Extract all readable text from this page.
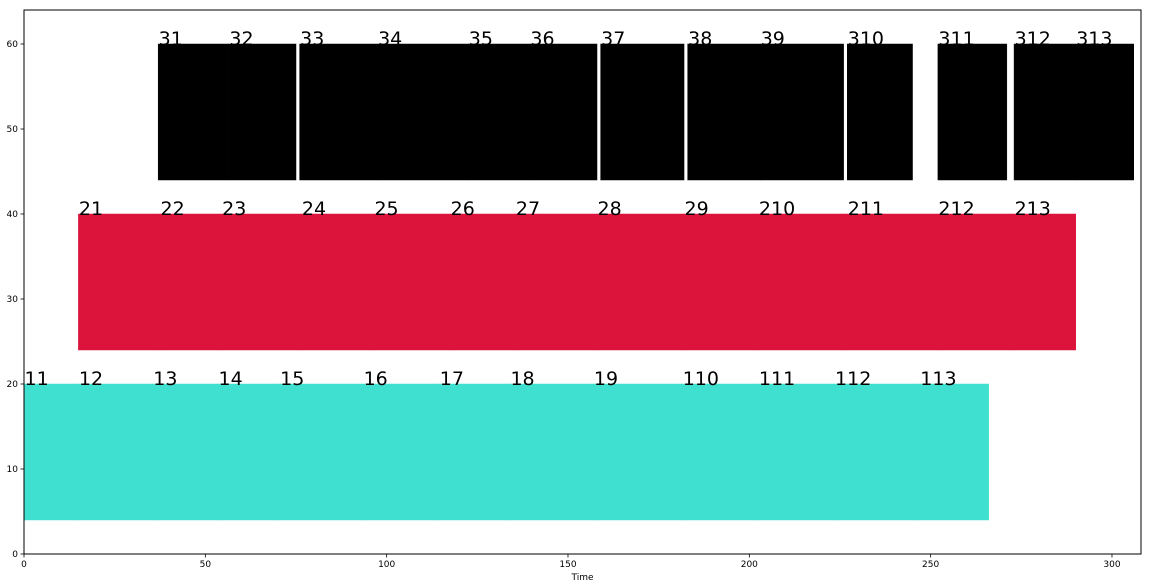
11 12	13 14 15	16	17 18	19	110 111 112	113
21	22 23	24	25	26 27	28	29	210	211	212 213
31 32 33	34	35 36 37	38	39	310	311 312 313
0	50	100	150	200	250	300
0
10
20
30
40
50
60
Time
